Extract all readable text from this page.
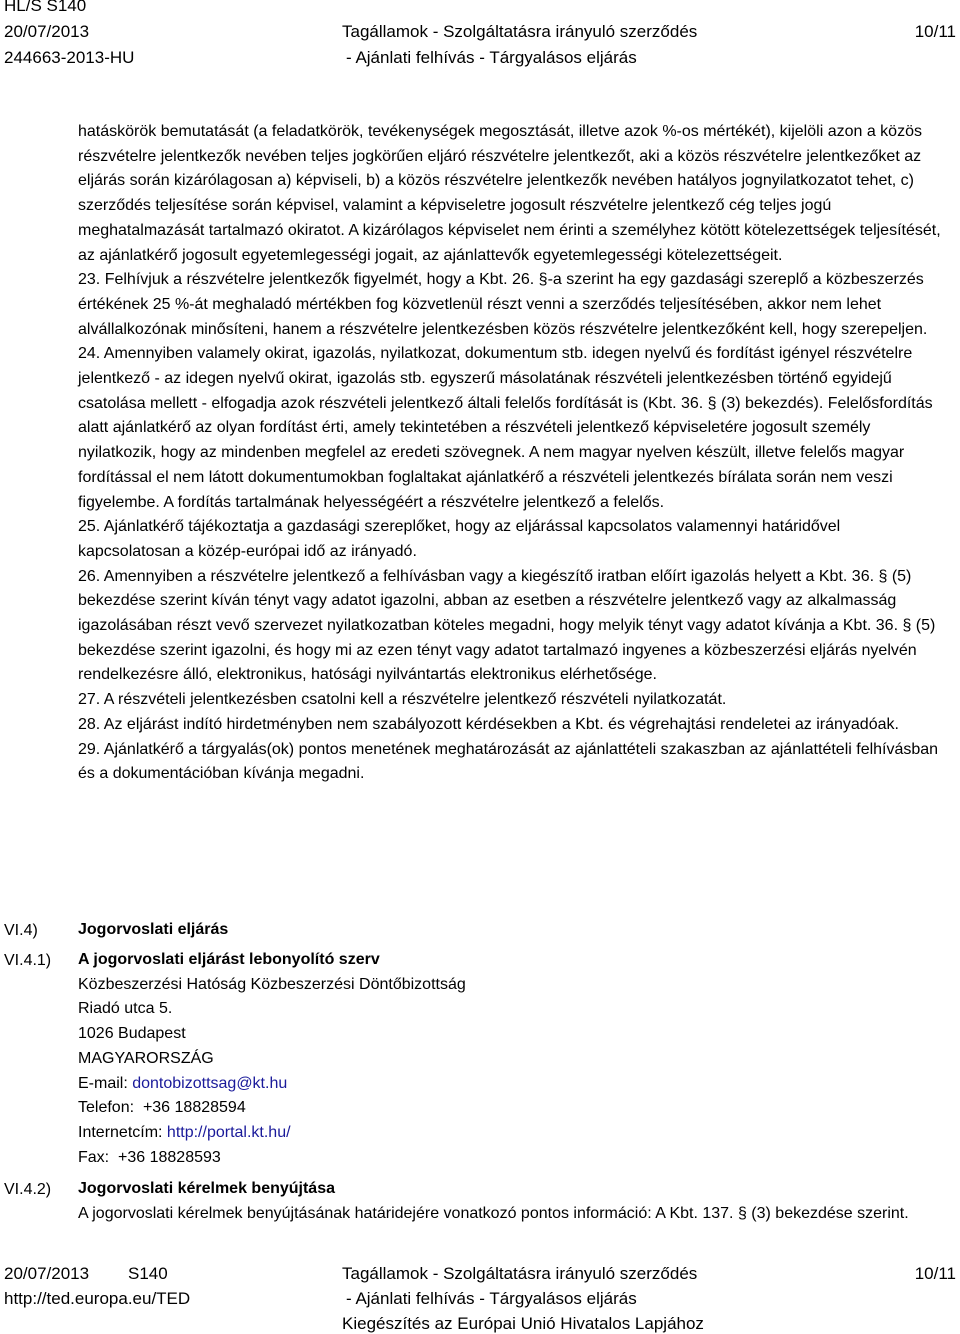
HL/S S140
20/07/2013
244663-2013-HU
Tagállamok - Szolgáltatásra irányuló szerződés
- Ajánlati felhívás - Tárgyalásos eljárás
10/11

hatáskörök bemutatását (a feladatkörök, tevékenységek megosztását, illetve azok %-os mértékét), kijelöli azon a közös részvételre jelentkezők nevében teljes jogkörűen eljáró részvételre jelentkezőt, aki a közös részvételre jelentkezőket az eljárás során kizárólagosan a) képviseli, b) a közös részvételre jelentkezők nevében hatályos jognyilatkozatot tehet, c) szerződés teljesítése során képvisel, valamint a képviseletre jogosult részvételre jelentkező cég teljes jogú meghatalmazását tartalmazó okiratot. A kizárólagos képviselet nem érinti a személyhez kötött kötelezettségek teljesítését, az ajánlatkérő jogosult egyetemlegességi jogait, az ajánlattevők egyetemlegességi kötelezettségeit.

23. Felhívjuk a részvételre jelentkezők figyelmét, hogy a Kbt. 26. §-a szerint ha egy gazdasági szereplő a közbeszerzés értékének 25 %-át meghaladó mértékben fog közvetlenül részt venni a szerződés teljesítésében, akkor nem lehet alvállalkozónak minősíteni, hanem a részvételre jelentkezésben közös részvételre jelentkezőként kell, hogy szerepeljen.

24. Amennyiben valamely okirat, igazolás, nyilatkozat, dokumentum stb. idegen nyelvű és fordítást igényel részvételre jelentkező - az idegen nyelvű okirat, igazolás stb. egyszerű másolatának részvételi jelentkezésben történő egyidejű csatolása mellett - elfogadja azok részvételi jelentkező általi felelős fordítását is (Kbt. 36. § (3) bekezdés). Felelősfordítás alatt ajánlatkérő az olyan fordítást érti, amely tekintetében a részvételi jelentkező képviseletére jogosult személy nyilatkozik, hogy az mindenben megfelel az eredeti szövegnek. A nem magyar nyelven készült, illetve felelős magyar fordítással el nem látott dokumentumokban foglaltakat ajánlatkérő a részvételi jelentkezés bírálata során nem veszi figyelembe. A fordítás tartalmának helyességéért a részvételre jelentkező a felelős.

25. Ajánlatkérő tájékoztatja a gazdasági szereplőket, hogy az eljárással kapcsolatos valamennyi határidővel kapcsolatosan a közép-európai idő az irányadó.

26. Amennyiben a részvételre jelentkező a felhívásban vagy a kiegészítő iratban előírt igazolás helyett a Kbt. 36. § (5) bekezdése szerint kíván tényt vagy adatot igazolni, abban az esetben a részvételre jelentkező vagy az alkalmasság igazolásában részt vevő szervezet nyilatkozatban köteles megadni, hogy melyik tényt vagy adatot kívánja a Kbt. 36. § (5) bekezdése szerint igazolni, és hogy mi az ezen tényt vagy adatot tartalmazó ingyenes a közbeszerzési eljárás nyelvén rendelkezésre álló, elektronikus, hatósági nyilvántartás elektronikus elérhetősége.

27. A részvételi jelentkezésben csatolni kell a részvételre jelentkező részvételi nyilatkozatát.

28. Az eljárást indító hirdetményben nem szabályozott kérdésekben a Kbt. és végrehajtási rendeletei az irányadóak.

29. Ajánlatkérő a tárgyalás(ok) pontos menetének meghatározását az ajánlattételi szakaszban az ajánlattételi felhívásban és a dokumentációban kívánja megadni.

VI.4)	Jogorvoslati eljárás
VI.4.1) A jogorvoslati eljárást lebonyolító szerv

Közbeszerzési Hatóság Közbeszerzési Döntőbizottság

Riadó utca 5.

1026 Budapest

MAGYARORSZÁG

E-mail: dontobizottsag@kt.hu

Telefon:  +36 18828594

Internetcím: http://portal.kt.hu/

Fax:  +36 18828593

VI.4.2) Jogorvoslati kérelmek benyújtása

A jogorvoslati kérelmek benyújtásának határidejére vonatkozó pontos információ: A Kbt. 137. § (3) bekezdése szerint.

20/07/2013 S140
http://ted.europa.eu/TED
Tagállamok - Szolgáltatásra irányuló szerződés
- Ajánlati felhívás - Tárgyalásos eljárás
Kiegészítés az Európai Unió Hivatalos Lapjához
10/11
